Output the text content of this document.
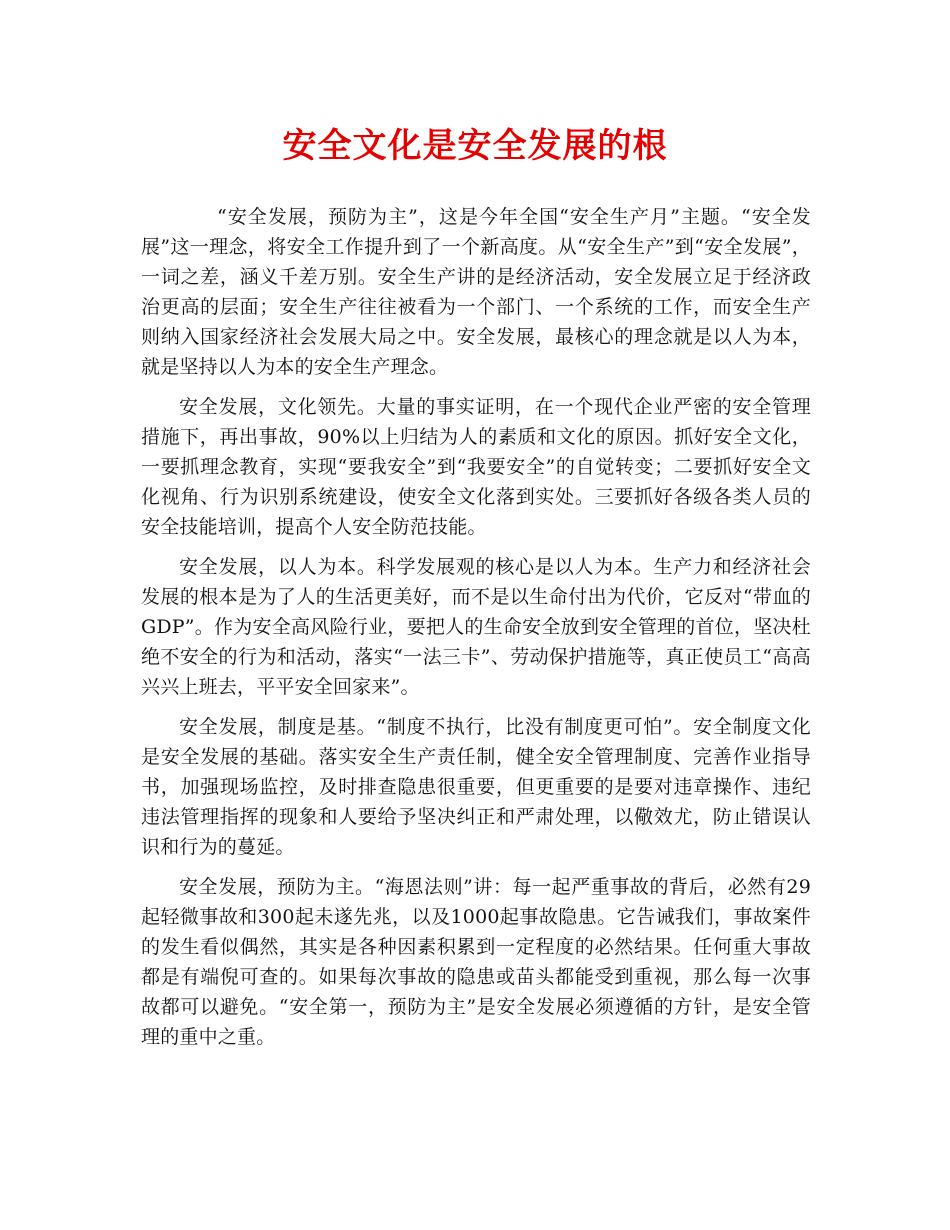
安全文化是安全发展的根

“安全发展，预防为主”，这是今年全国“安全生产月”主题。“安全发展”这一理念，将安全工作提升到了一个新高度。从“安全生产”到“安全发展”，一词之差，涵义千差万别。安全生产讲的是经济活动，安全发展立足于经济政治更高的层面；安全生产往往被看为一个部门、一个系统的工作，而安全生产则纳入国家经济社会发展大局之中。安全发展，最核心的理念就是以人为本，就是坚持以人为本的安全生产理念。

安全发展，文化领先。大量的事实证明，在一个现代企业严密的安全管理措施下，再出事故，90%以上归结为人的素质和文化的原因。抓好安全文化，一要抓理念教育，实现“要我安全”到“我要安全”的自觉转变；二要抓好安全文化视角、行为识别系统建设，使安全文化落到实处。三要抓好各级各类人员的安全技能培训，提高个人安全防范技能。

安全发展，以人为本。科学发展观的核心是以人为本。生产力和经济社会发展的根本是为了人的生活更美好，而不是以生命付出为代价，它反对“带血的GDP”。作为安全高风险行业，要把人的生命安全放到安全管理的首位，坚决杜绝不安全的行为和活动，落实“一法三卡”、劳动保护措施等，真正使员工“高高兴兴上班去，平平安全回家来”。

安全发展，制度是基。“制度不执行，比没有制度更可怕”。安全制度文化是安全发展的基础。落实安全生产责任制，健全安全管理制度、完善作业指导书，加强现场监控，及时排查隐患很重要，但更重要的是要对违章操作、违纪违法管理指挥的现象和人要给予坚决纠正和严肃处理，以儆效尤，防止错误认识和行为的蔓延。

安全发展，预防为主。“海恩法则”讲：每一起严重事故的背后，必然有29起轻微事故和300起未遂先兆，以及1000起事故隐患。它告诫我们，事故案件的发生看似偶然，其实是各种因素积累到一定程度的必然结果。任何重大事故都是有端倪可查的。如果每次事故的隐患或苗头都能受到重视，那么每一次事故都可以避免。“安全第一，预防为主”是安全发展必须遵循的方针，是安全管理的重中之重。
